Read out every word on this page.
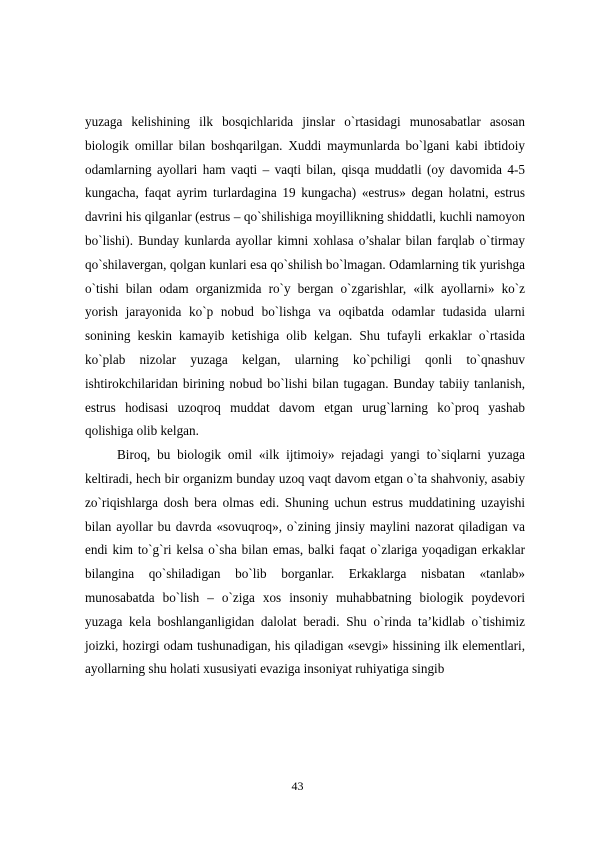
yuzaga kelishining ilk bosqichlarida jinslar o`rtasidagi munosabatlar asosan biologik omillar bilan boshqarilgan. Xuddi maymunlarda bo`lgani kabi ibtidoiy odamlarning ayollari ham vaqti – vaqti bilan, qisqa muddatli (oy davomida 4-5 kungacha, faqat ayrim turlardagina 19 kungacha) «estrus» degan holatni, estrus davrini his qilganlar (estrus – qo`shilishiga moyillikning shiddatli, kuchli namoyon bo`lishi). Bunday kunlarda ayollar kimni xohlasa o’shalar bilan farqlab o`tirmay qo`shilavergan, qolgan kunlari esa qo`shilish bo`lmagan. Odamlarning tik yurishga o`tishi bilan odam organizmida ro`y bergan o`zgarishlar, «ilk ayollarni» ko`z yorish jarayonida ko`p nobud bo`lishga va oqibatda odamlar tudasida ularni sonining keskin kamayib ketishiga olib kelgan. Shu tufayli erkaklar o`rtasida ko`plab nizolar yuzaga kelgan, ularning ko`pchiligi qonli to`qnashuv ishtirokchilaridan birining nobud bo`lishi bilan tugagan. Bunday tabiiy tanlanish, estrus hodisasi uzoqroq muddat davom etgan urug`larning ko`proq yashab qolishiga olib kelgan.

Biroq, bu biologik omil «ilk ijtimoiy» rejadagi yangi to`siqlarni yuzaga keltiradi, hech bir organizm bunday uzoq vaqt davom etgan o`ta shahvoniy, asabiy zo`riqishlarga dosh bera olmas edi. Shuning uchun estrus muddatining uzayishi bilan ayollar bu davrda «sovuqroq», o`zining jinsiy maylini nazorat qiladigan va endi kim to`g`ri kelsa o`sha bilan emas, balki faqat o`zlariga yoqadigan erkaklar bilangina qo`shiladigan bo`lib borganlar. Erkaklarga nisbatan «tanlab» munosabatda bo`lish – o`ziga xos insoniy muhabbatning biologik poydevori yuzaga kela boshlanganligidan dalolat beradi. Shu o`rinda ta’kidlab o`tishimiz joizki, hozirgi odam tushunadigan, his qiladigan «sevgi» hissining ilk elementlari, ayollarning shu holati xususiyati evaziga insoniyat ruhiyatiga singib

43
